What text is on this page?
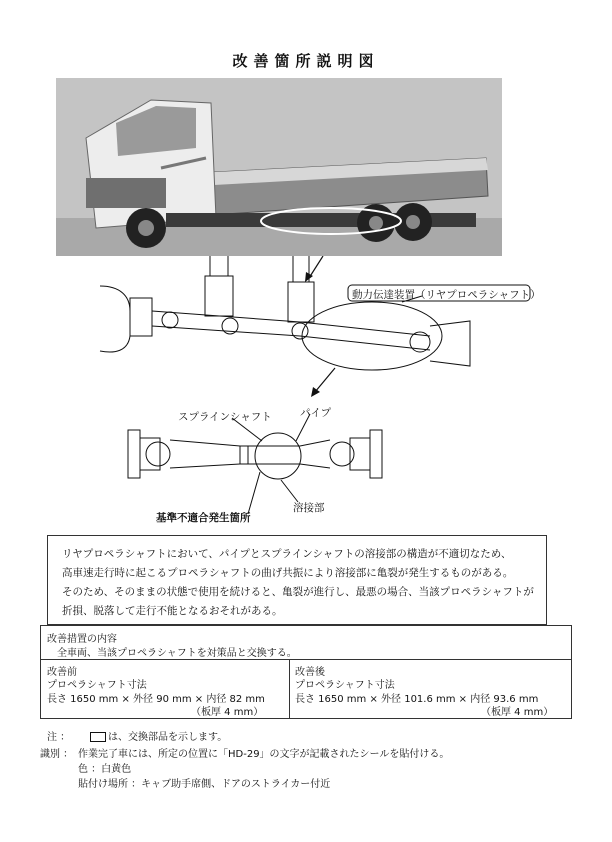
改善箇所説明図
動力伝達装置（リヤプロペラシャフト）
スプラインシャフト	パイプ
溶接部
基準不適合発生箇所
リヤプロペラシャフトにおいて、パイプとスプラインシャフトの溶接部の構造が不適切なため、
高車速走行時に起こるプロペラシャフトの曲げ共振により溶接部に亀裂が発生するものがある。
そのため、そのままの状態で使用を続けると、亀裂が進行し、最悪の場合、当該プロペラシャフトが
折損、脱落して走行不能となるおそれがある。
改善措置の内容
全車両、当該プロペラシャフトを対策品と交換する。
改善前
プロペラシャフト寸法
長さ 1650 mm × 外径 90 mm × 内径 82 mm
（板厚 4 mm）
改善後
プロペラシャフト寸法
長さ 1650 mm × 外径 101.6 mm × 内径 93.6 mm
（板厚 4 mm）
注 ：	は、交換部品を示します。
識別 ： 作業完了車には、所定の位置に「HD-29」の文字が記載されたシールを貼付ける。
色 ：白黄色
貼付け場所 ：キャブ助手席側、ドアのストライカー付近
